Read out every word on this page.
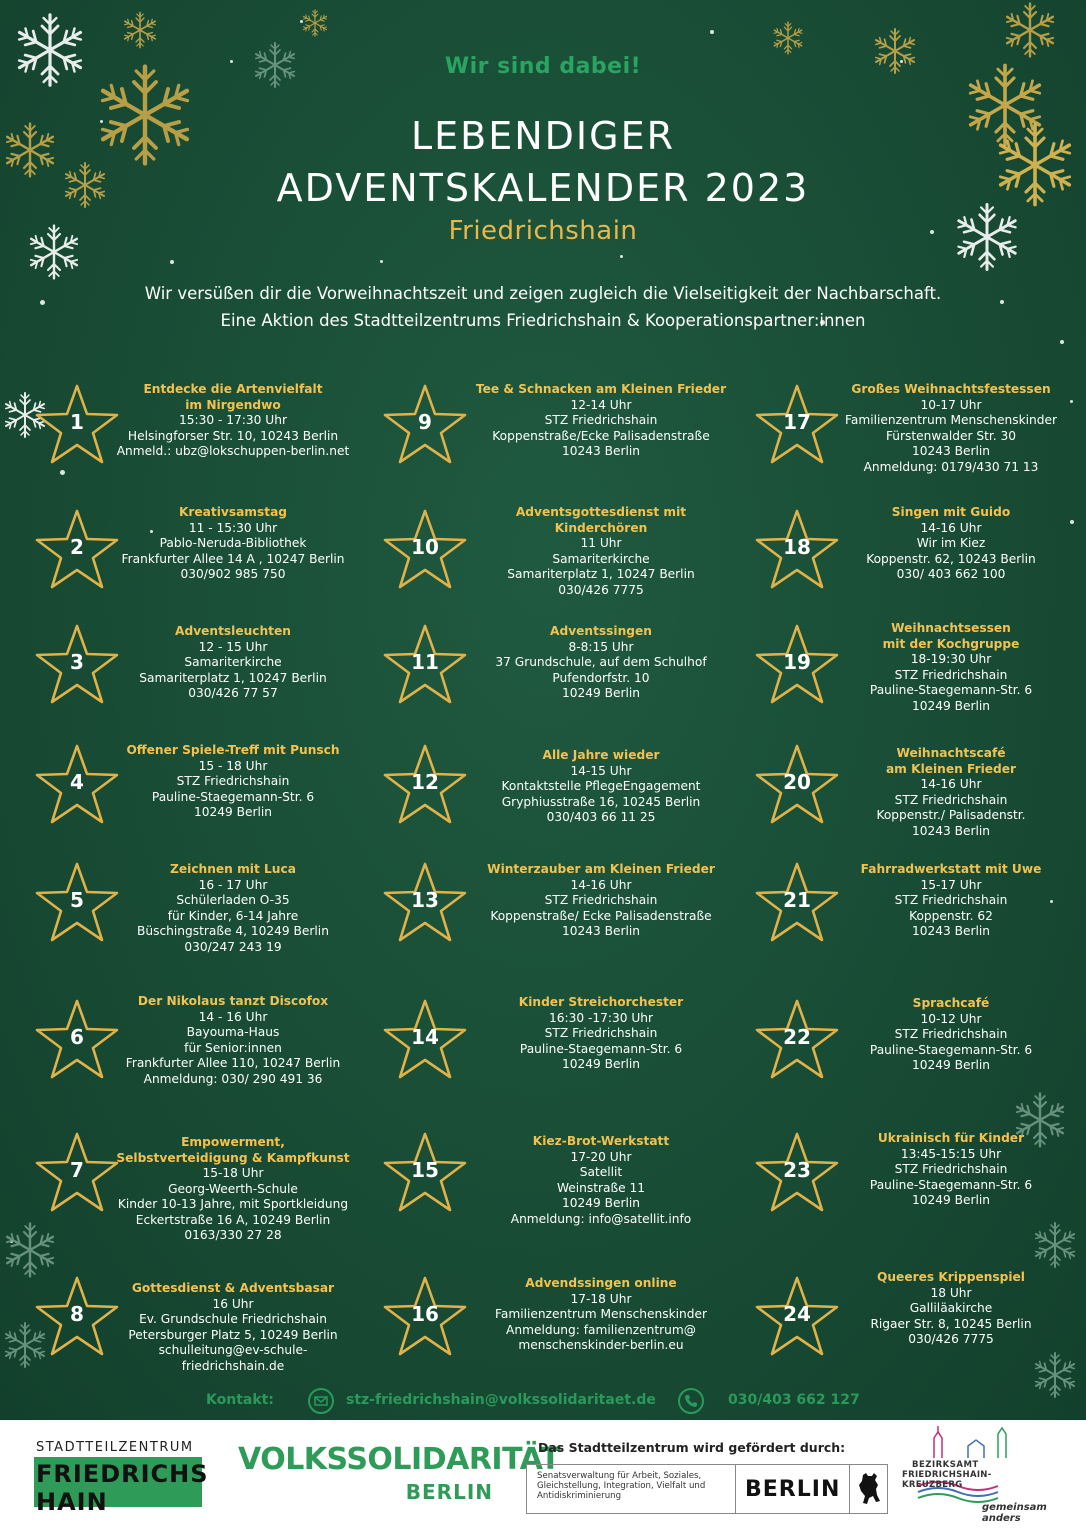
Wir sind dabei!
LEBENDIGER
ADVENTSKALENDER 2023
Friedrichshain

Wir versüßen dir die Vorweihnachtszeit und zeigen zugleich die Vielseitigkeit der Nachbarschaft.

Eine Aktion des Stadtteilzentrums Friedrichshain & Kooperationspartner:innen

1
Entdecke die Artenvielfalt
im Nirgendwo
15:30 - 17:30 Uhr
Helsingforser Str. 10, 10243 Berlin
Anmeld.: ubz@lokschuppen-berlin.net
2
Kreativsamstag
11 - 15:30 Uhr
Pablo-Neruda-Bibliothek
Frankfurter Allee 14 A , 10247 Berlin
030/902 985 750
3
Adventsleuchten
12 - 15 Uhr
Samariterkirche
Samariterplatz 1, 10247 Berlin
030/426 77 57
4
Offener Spiele-Treff mit Punsch
15 - 18 Uhr
STZ Friedrichshain
Pauline-Staegemann-Str. 6
10249 Berlin
5
Zeichnen mit Luca
16 - 17 Uhr
Schülerladen O-35
für Kinder, 6-14 Jahre
Büschingstraße 4, 10249 Berlin
030/247 243 19
6
Der Nikolaus tanzt Discofox
14 - 16 Uhr
Bayouma-Haus
für Senior:innen
Frankfurter Allee 110, 10247 Berlin
Anmeldung: 030/ 290 491 36
7
Empowerment,
Selbstverteidigung & Kampfkunst
15-18 Uhr
Georg-Weerth-Schule
Kinder 10-13 Jahre, mit Sportkleidung
Eckertstraße 16 A, 10249 Berlin
0163/330 27 28
8
Gottesdienst & Adventsbasar
16 Uhr
Ev. Grundschule Friedrichshain
Petersburger Platz 5, 10249 Berlin
schulleitung@ev-schule-friedrichshain.de
9
Tee & Schnacken am Kleinen Frieder
12-14 Uhr
STZ Friedrichshain
Koppenstraße/Ecke Palisadenstraße
10243 Berlin
10
Adventsgottesdienst mit Kinderchören
11 Uhr
Samariterkirche
Samariterplatz 1, 10247 Berlin
030/426 7775
11
Adventssingen
8-8:15 Uhr
37 Grundschule, auf dem Schulhof
Pufendorfstr. 10
10249 Berlin
12
Alle Jahre wieder
14-15 Uhr
Kontaktstelle PflegeEngagement
Gryphiusstraße 16, 10245 Berlin
030/403 66 11 25
13
Winterzauber am Kleinen Frieder
14-16 Uhr
STZ Friedrichshain
Koppenstraße/ Ecke Palisadenstraße
10243 Berlin
14
Kinder Streichorchester
16:30 -17:30 Uhr
STZ Friedrichshain
Pauline-Staegemann-Str. 6
10249 Berlin
15
Kiez-Brot-Werkstatt
17-20 Uhr
Satellit
Weinstraße 11
10249 Berlin
Anmeldung: info@satellit.info
16
Advendssingen online
17-18 Uhr
Familienzentrum Menschenskinder
Anmeldung: familienzentrum@
menschenskinder-berlin.eu
17
Großes Weihnachtsfestessen
10-17 Uhr
Familienzentrum Menschenskinder
Fürstenwalder Str. 30
10243 Berlin
Anmeldung: 0179/430 71 13
18
Singen mit Guido
14-16 Uhr
Wir im Kiez
Koppenstr. 62, 10243 Berlin
030/ 403 662 100
19
Weihnachtsessen
mit der Kochgruppe
18-19:30 Uhr
STZ Friedrichshain
Pauline-Staegemann-Str. 6
10249 Berlin
20
Weihnachtscafé
am Kleinen Frieder
14-16 Uhr
STZ Friedrichshain
Koppenstr./ Palisadenstr.
10243 Berlin
21
Fahrradwerkstatt mit Uwe
15-17 Uhr
STZ Friedrichshain
Koppenstr. 62
10243 Berlin
22
Sprachcafé
10-12 Uhr
STZ Friedrichshain
Pauline-Staegemann-Str. 6
10249 Berlin
23
Ukrainisch für Kinder
13:45-15:15 Uhr
STZ Friedrichshain
Pauline-Staegemann-Str. 6
10249 Berlin
24
Queeres Krippenspiel
18 Uhr
Galliläakirche
Rigaer Str. 8, 10245 Berlin
030/426 7775
Kontakt:	stz-friedrichshain@volkssolidaritaet.de	030/403 662 127
STADTTEILZENTRUM
FRIEDRICHS
HAIN
VOLKSSOLIDARITÄT
BERLIN
Das Stadtteilzentrum wird gefördert durch:
Senatsverwaltung für Arbeit, Soziales, Gleichstellung, Integration, Vielfalt und Antidiskriminierung	BERLIN
BEZIRKSAMT
FRIEDRICHSHAIN-KREUZBERG
gemeinsam
anders
